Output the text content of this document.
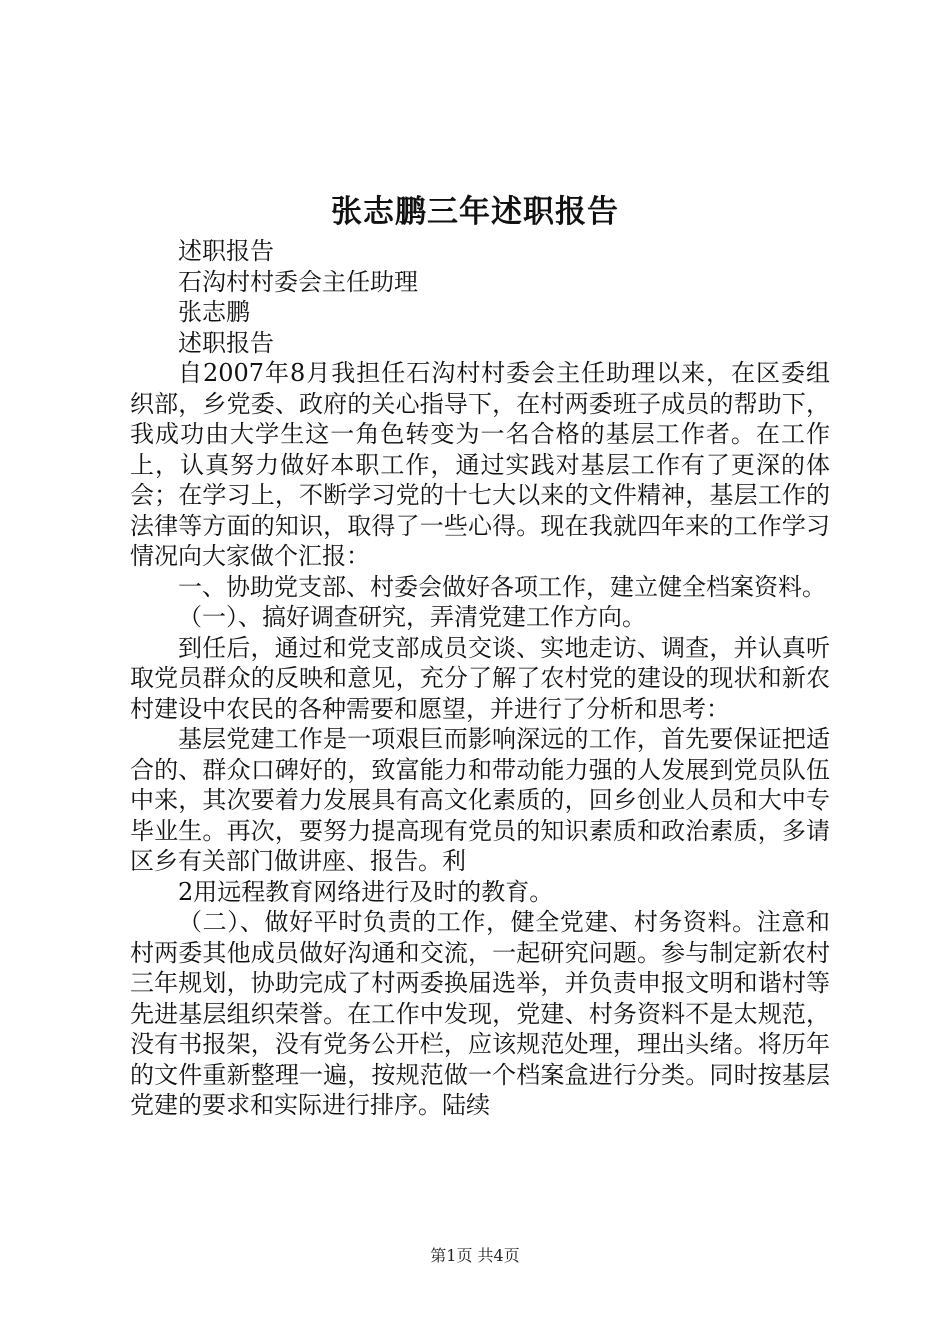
张志鹏三年述职报告

述职报告

石沟村村委会主任助理

张志鹏

述职报告

自2007年8月我担任石沟村村委会主任助理以来，在区委组织部，乡党委、政府的关心指导下，在村两委班子成员的帮助下，我成功由大学生这一角色转变为一名合格的基层工作者。在工作上，认真努力做好本职工作，通过实践对基层工作有了更深的体会；在学习上，不断学习党的十七大以来的文件精神，基层工作的法律等方面的知识，取得了一些心得。现在我就四年来的工作学习情况向大家做个汇报：

一、协助党支部、村委会做好各项工作，建立健全档案资料。

（一）、搞好调查研究，弄清党建工作方向。

到任后，通过和党支部成员交谈、实地走访、调查，并认真听取党员群众的反映和意见，充分了解了农村党的建设的现状和新农村建设中农民的各种需要和愿望，并进行了分析和思考：

基层党建工作是一项艰巨而影响深远的工作，首先要保证把适合的、群众口碑好的，致富能力和带动能力强的人发展到党员队伍中来，其次要着力发展具有高文化素质的，回乡创业人员和大中专毕业生。再次，要努力提高现有党员的知识素质和政治素质，多请区乡有关部门做讲座、报告。利

2用远程教育网络进行及时的教育。

（二）、做好平时负责的工作，健全党建、村务资料。注意和村两委其他成员做好沟通和交流，一起研究问题。参与制定新农村三年规划，协助完成了村两委换届选举，并负责申报文明和谐村等先进基层组织荣誉。在工作中发现，党建、村务资料不是太规范，没有书报架，没有党务公开栏，应该规范处理，理出头绪。将历年的文件重新整理一遍，按规范做一个档案盒进行分类。同时按基层党建的要求和实际进行排序。陆续

第1页 共4页
